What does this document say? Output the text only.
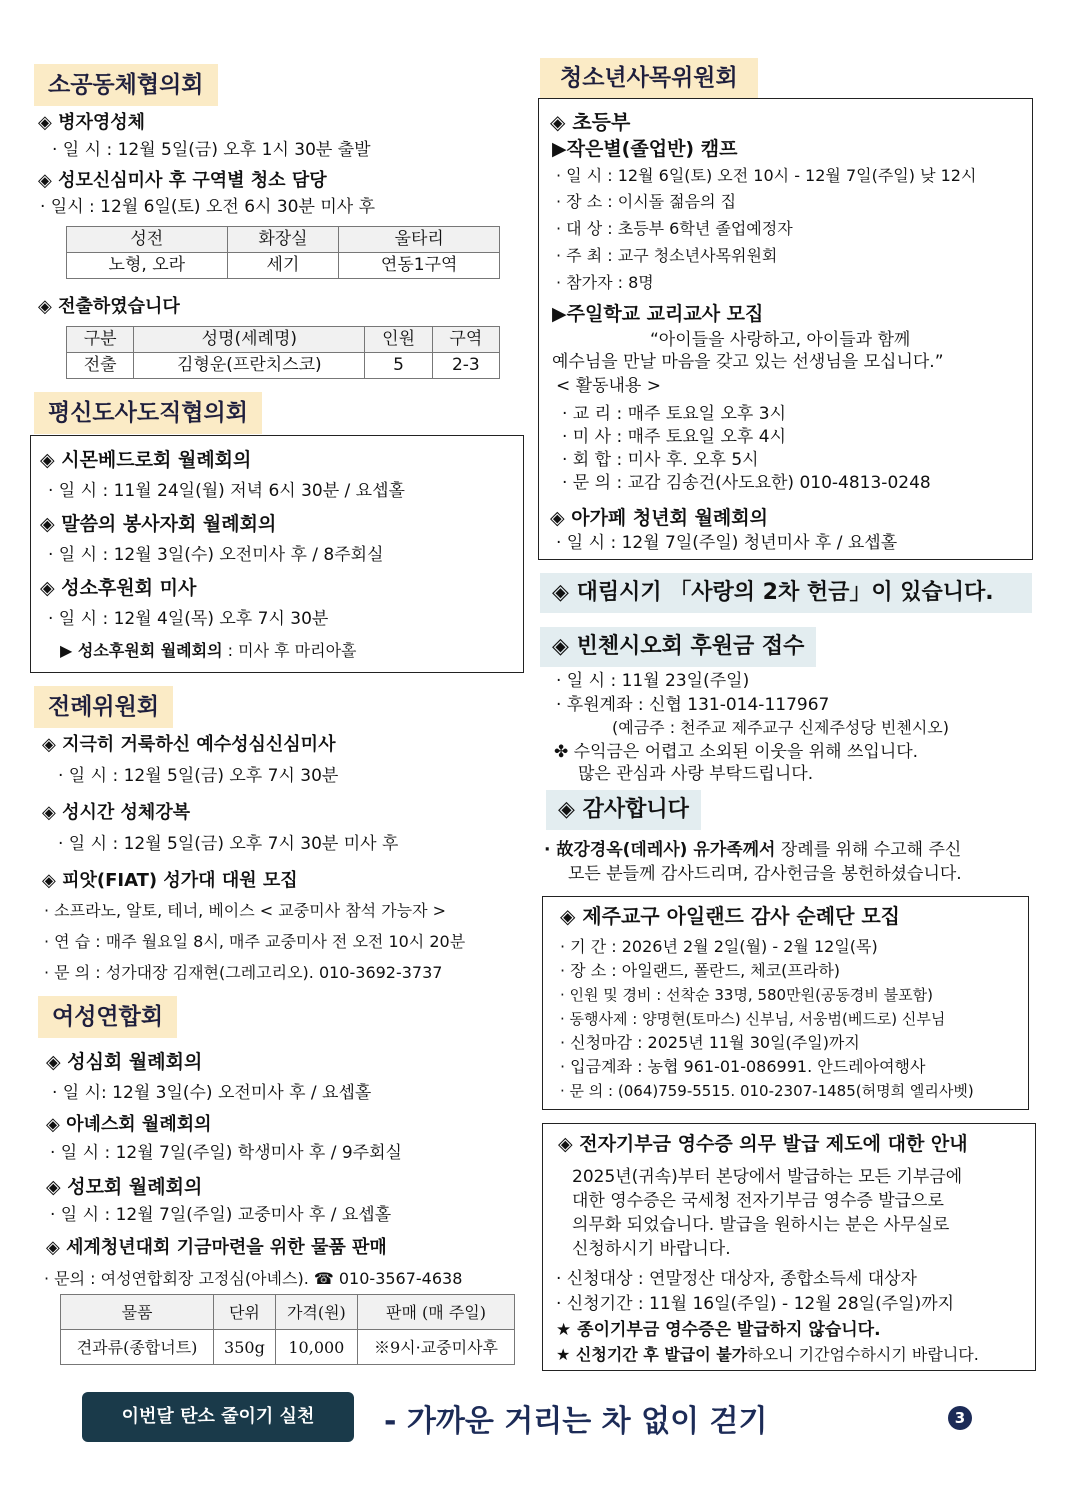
소공동체협의회
◈ 병자영성체
· 일 시 : 12월 5일(금) 오후 1시 30분 출발
◈ 성모신심미사 후 구역별 청소 담당
· 일시 : 12월 6일(토) 오전 6시 30분 미사 후
성전	화장실	울타리
노형, 오라	세기	연동1구역
◈ 전출하였습니다
구분	성명(세례명)	인원	구역
전출	김형운(프란치스코)	5	2-3
평신도사도직협의회
◈ 시몬베드로회 월례회의
· 일 시 : 11월 24일(월) 저녁 6시 30분 / 요셉홀
◈ 말씀의 봉사자회 월례회의
· 일 시 : 12월 3일(수) 오전미사 후 / 8주회실
◈ 성소후원회 미사
· 일 시 : 12월 4일(목) 오후 7시 30분
▶ 성소후원회 월례회의 : 미사 후 마리아홀
전례위원회
◈ 지극히 거룩하신 예수성심신심미사
· 일 시 : 12월 5일(금) 오후 7시 30분
◈ 성시간 성체강복
· 일 시 : 12월 5일(금) 오후 7시 30분 미사 후
◈ 피앗(FIAT) 성가대 대원 모집
· 소프라노, 알토, 테너, 베이스 < 교중미사 참석 가능자 >
· 연 습 : 매주 월요일 8시, 매주 교중미사 전 오전 10시 20분
· 문 의 : 성가대장 김재현(그레고리오). 010-3692-3737
여성연합회
◈ 성심회 월례회의
· 일 시: 12월 3일(수) 오전미사 후 / 요셉홀
◈ 아녜스회 월례회의
· 일 시 : 12월 7일(주일) 학생미사 후 / 9주회실
◈ 성모회 월례회의
· 일 시 : 12월 7일(주일) 교중미사 후 / 요셉홀
◈ 세계청년대회 기금마련을 위한 물품 판매
· 문의 : 여성연합회장 고정심(아녜스). ☎ 010-3567-4638
물품	단위	가격(원)	판매 (매 주일)
견과류(종합너트)	350g	10,000	※9시·교중미사후
청소년사목위원회
◈ 초등부
▶작은별(졸업반) 캠프
· 일 시 : 12월 6일(토) 오전 10시 - 12월 7일(주일) 낮 12시
· 장 소 : 이시돌 젊음의 집
· 대 상 : 초등부 6학년 졸업예정자
· 주 최 : 교구 청소년사목위원회
· 참가자 : 8명
▶주일학교 교리교사 모집
“아이들을 사랑하고, 아이들과 함께
예수님을 만날 마음을 갖고 있는 선생님을 모십니다.”
< 활동내용 >
· 교 리 : 매주 토요일 오후 3시
· 미 사 : 매주 토요일 오후 4시
· 회 합 : 미사 후. 오후 5시
· 문 의 : 교감 김송건(사도요한) 010-4813-0248
◈ 아가페 청년회 월례회의
· 일 시 : 12월 7일(주일) 청년미사 후 / 요셉홀
◈ 대림시기 「사랑의 2차 헌금」이 있습니다.
◈ 빈첸시오회 후원금 접수
· 일 시 : 11월 23일(주일)
· 후원계좌 : 신협 131-014-117967
(예금주 : 천주교 제주교구 신제주성당 빈첸시오)
✤ 수익금은 어렵고 소외된 이웃을 위해 쓰입니다.
많은 관심과 사랑 부탁드립니다.
◈ 감사합니다
· 故강경옥(데레사) 유가족께서 장례를 위해 수고해 주신
모든 분들께 감사드리며, 감사헌금을 봉헌하셨습니다.
◈ 제주교구 아일랜드 감사 순례단 모집
· 기 간 : 2026년 2월 2일(월) - 2월 12일(목)
· 장 소 : 아일랜드, 폴란드, 체코(프라하)
· 인원 및 경비 : 선착순 33명, 580만원(공동경비 불포함)
· 동행사제 : 양명현(토마스) 신부님, 서웅범(베드로) 신부님
· 신청마감 : 2025년 11월 30일(주일)까지
· 입금계좌 : 농협 961-01-086991. 안드레아여행사
· 문 의 : (064)759-5515. 010-2307-1485(허명희 엘리사벳)
◈ 전자기부금 영수증 의무 발급 제도에 대한 안내
2025년(귀속)부터 본당에서 발급하는 모든 기부금에
대한 영수증은 국세청 전자기부금 영수증 발급으로
의무화 되었습니다. 발급을 원하시는 분은 사무실로
신청하시기 바랍니다.
· 신청대상 : 연말정산 대상자, 종합소득세 대상자
· 신청기간 : 11월 16일(주일) - 12월 28일(주일)까지
★ 종이기부금 영수증은 발급하지 않습니다.
★ 신청기간 후 발급이 불가하오니 기간엄수하시기 바랍니다.
이번달 탄소 줄이기 실천	- 가까운 거리는 차 없이 걷기	3
